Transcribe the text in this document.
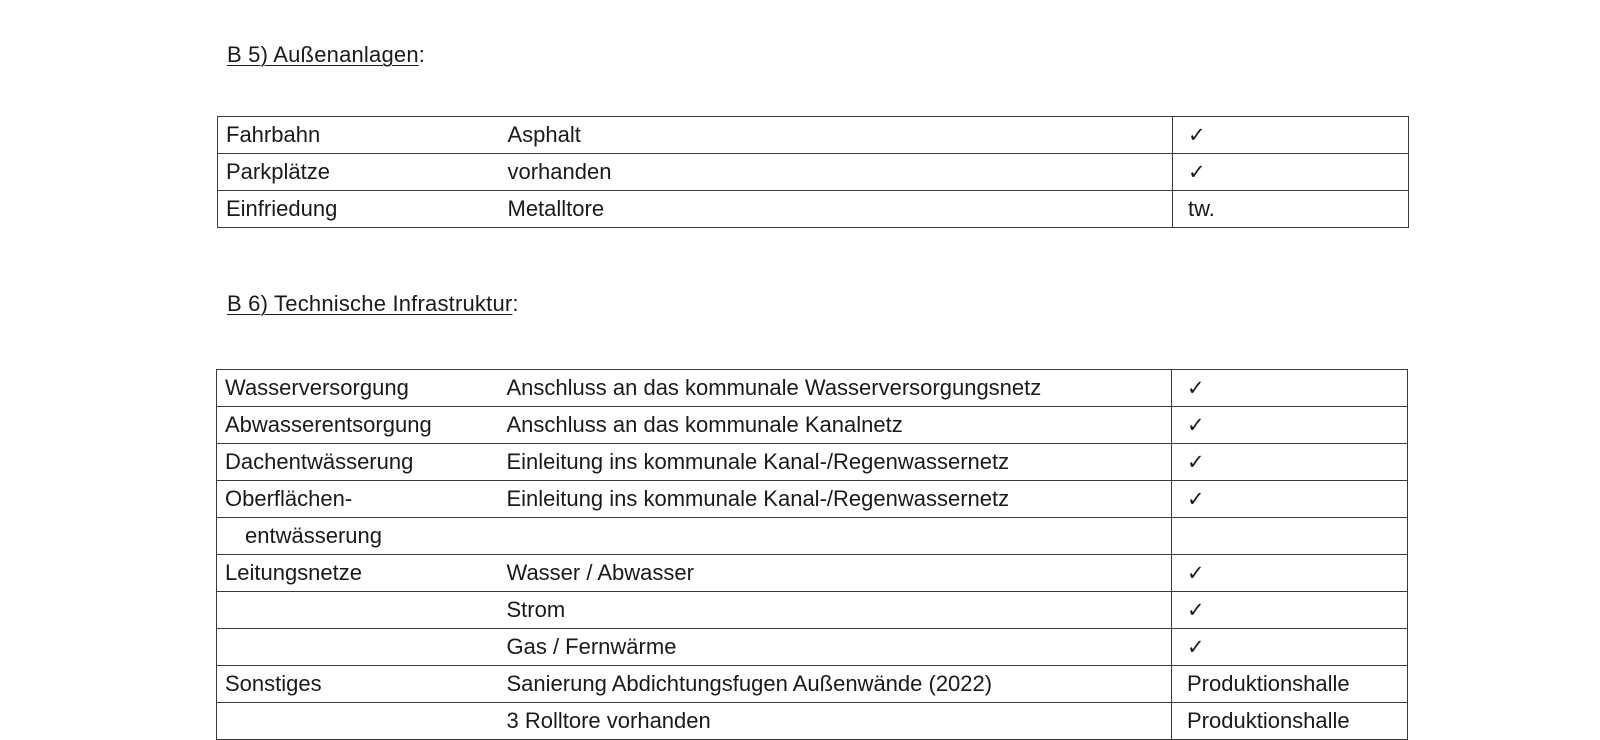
B 5) Außenanlagen:
Fahrbahn	Asphalt	✓
Parkplätze	vorhanden	✓
Einfriedung	Metalltore	tw.
B 6) Technische Infrastruktur:
Wasserversorgung	Anschluss an das kommunale Wasserversorgungsnetz	✓
Abwasserentsorgung	Anschluss an das kommunale Kanalnetz	✓
Dachentwässerung	Einleitung ins kommunale Kanal-/Regenwassernetz	✓
Oberflächen-	Einleitung ins kommunale Kanal-/Regenwassernetz	✓
entwässerung		
Leitungsnetze	Wasser / Abwasser	✓
	Strom	✓
	Gas / Fernwärme	✓
Sonstiges	Sanierung Abdichtungsfugen Außenwände (2022)	Produktionshalle
	3 Rolltore vorhanden	Produktionshalle
